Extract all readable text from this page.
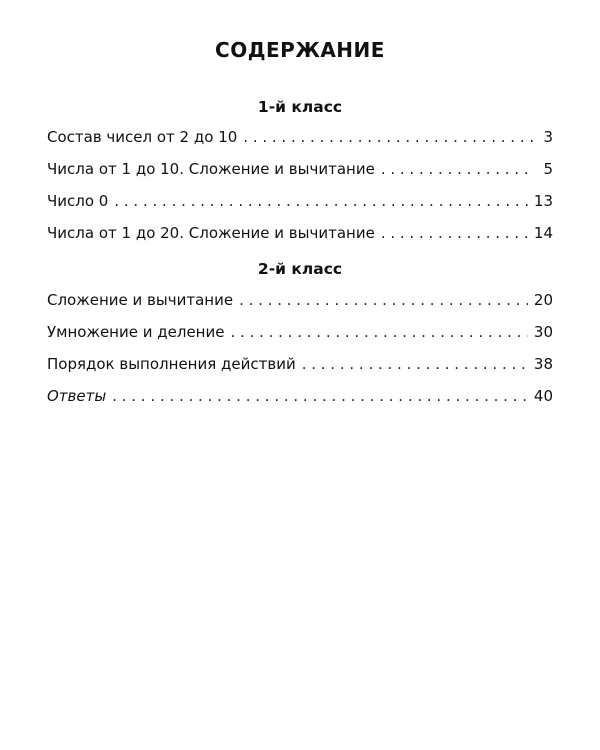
СОДЕРЖАНИЕ
1-й класс
Состав чисел от 2 до 10 . . .	3
Числа от 1 до 10. Сложение и вычитание . . .	5
Число 0 . . .	13
Числа от 1 до 20. Сложение и вычитание . . .	14
2-й класс
Сложение и вычитание . . .	20
Умножение и деление . . .	30
Порядок выполнения действий . . .	38
Ответы . . .	40
